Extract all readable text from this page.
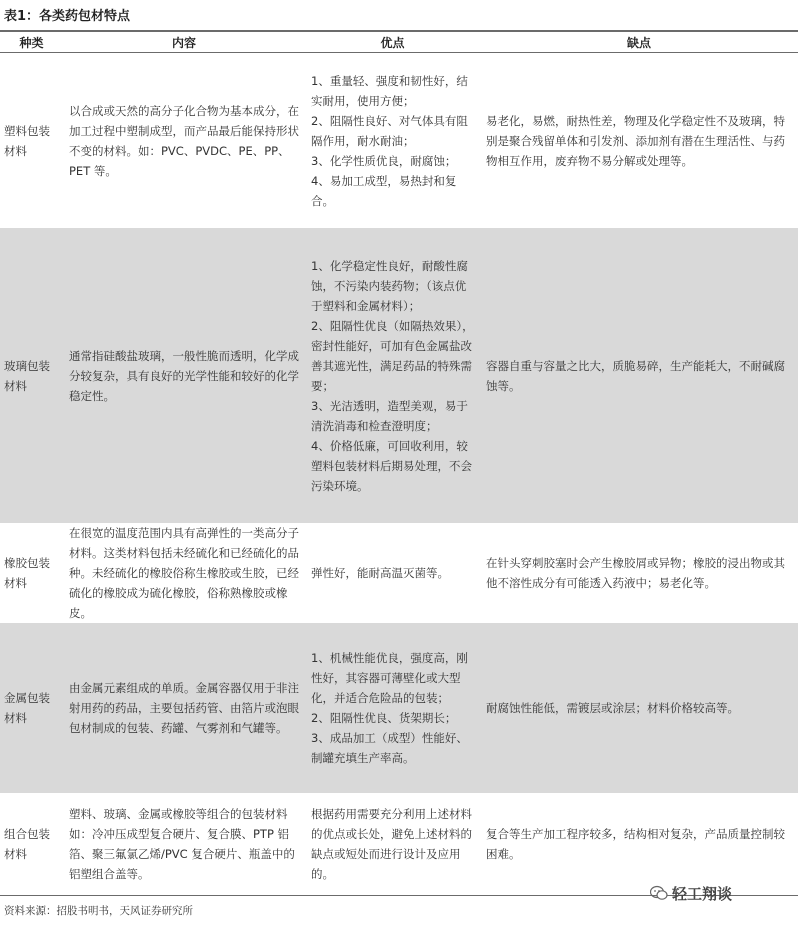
表1：各类药包材特点
种类	内容	优点	缺点
塑料包装材料	以合成或天然的高分子化合物为基本成分，在加工过程中塑制成型，而产品最后能保持形状不变的材料。如：PVC、PVDC、PE、PP、PET 等。	1、重量轻、强度和韧性好，结实耐用，使用方便；
2、阻隔性良好、对气体具有阻隔作用，耐水耐油；
3、化学性质优良，耐腐蚀；
4、易加工成型，易热封和复合。	易老化，易燃，耐热性差，物理及化学稳定性不及玻璃，特别是聚合残留单体和引发剂、添加剂有潜在生理活性、与药物相互作用，废弃物不易分解或处理等。
玻璃包装材料	通常指硅酸盐玻璃，一般性脆而透明，化学成分较复杂，具有良好的光学性能和较好的化学稳定性。	1、化学稳定性良好，耐酸性腐蚀，不污染内装药物；（该点优于塑料和金属材料）；
2、阻隔性优良（如隔热效果），密封性能好，可加有色金属盐改善其遮光性，满足药品的特殊需要；
3、光洁透明，造型美观，易于清洗消毒和检查澄明度；
4、价格低廉，可回收利用，较塑料包装材料后期易处理，不会污染环境。	容器自重与容量之比大，质脆易碎，生产能耗大，不耐碱腐蚀等。
橡胶包装材料	在很宽的温度范围内具有高弹性的一类高分子材料。这类材料包括未经硫化和已经硫化的品种。未经硫化的橡胶俗称生橡胶或生胶，已经硫化的橡胶成为硫化橡胶，俗称熟橡胶或橡皮。	弹性好，能耐高温灭菌等。	在针头穿刺胶塞时会产生橡胶屑或异物；橡胶的浸出物或其他不溶性成分有可能透入药液中；易老化等。
金属包装材料	由金属元素组成的单质。金属容器仅用于非注射用药的药品，主要包括药管、由箔片或泡眼包材制成的包装、药罐、气雾剂和气罐等。	1、机械性能优良，强度高，刚性好，其容器可薄壁化或大型化，并适合危险品的包装；
2、阻隔性优良、货架期长；
3、成品加工（成型）性能好、制罐充填生产率高。	耐腐蚀性能低，需镀层或涂层；材料价格较高等。
组合包装材料	塑料、玻璃、金属或橡胶等组合的包装材料如：冷冲压成型复合硬片、复合膜、PTP 铝箔、聚三氟氯乙烯/PVC 复合硬片、瓶盖中的铝塑组合盖等。	根据药用需要充分利用上述材料的优点或长处，避免上述材料的缺点或短处而进行设计及应用的。	复合等生产加工程序较多，结构相对复杂，产品质量控制较困难。
资料来源：招股书明书，天风证券研究所
轻工翔谈
